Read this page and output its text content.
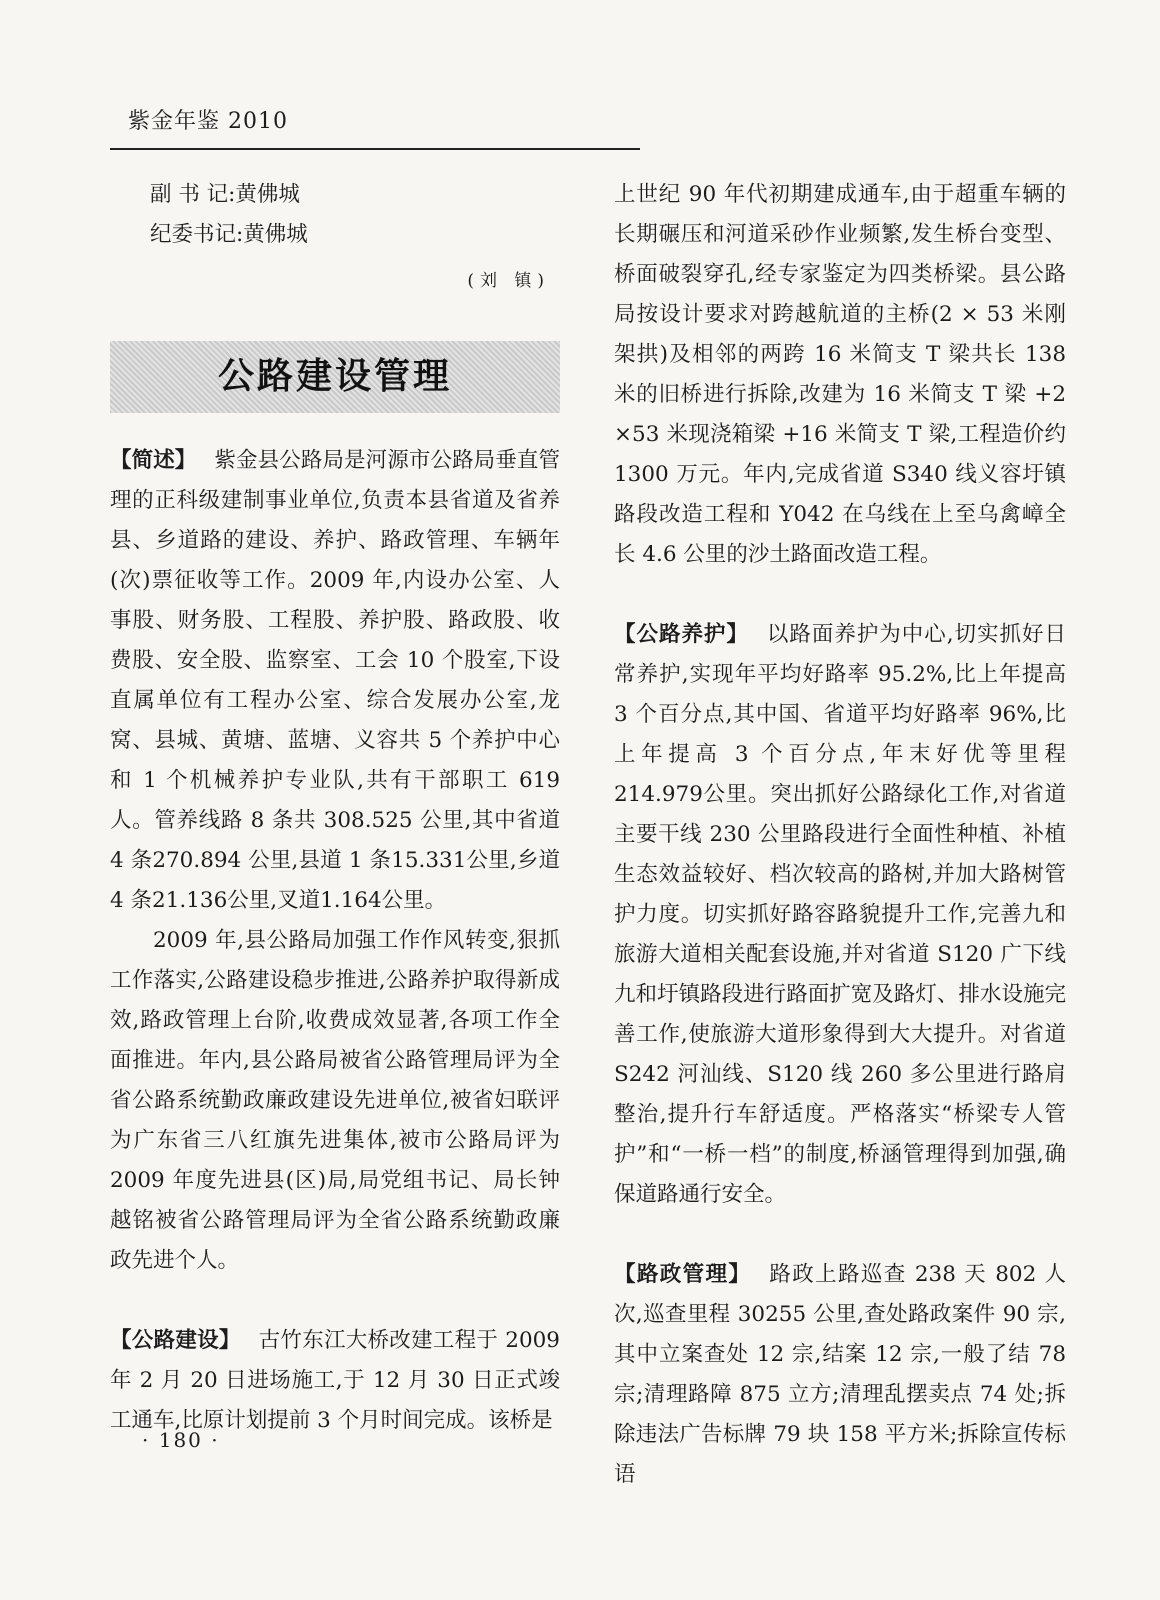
紫金年鉴 2010

副 书 记:黄佛城

纪委书记:黄佛城

(刘 镇)

公路建设管理

【简述】 紫金县公路局是河源市公路局垂直管理的正科级建制事业单位,负责本县省道及省养县、乡道路的建设、养护、路政管理、车辆年(次)票征收等工作。2009 年,内设办公室、人事股、财务股、工程股、养护股、路政股、收费股、安全股、监察室、工会 10 个股室,下设直属单位有工程办公室、综合发展办公室,龙窝、县城、黄塘、蓝塘、义容共 5 个养护中心和 1 个机械养护专业队,共有干部职工 619 人。管养线路 8 条共 308.525 公里,其中省道 4 条270.894 公里,县道 1 条15.331公里,乡道 4 条21.136公里,叉道1.164公里。

2009 年,县公路局加强工作作风转变,狠抓工作落实,公路建设稳步推进,公路养护取得新成效,路政管理上台阶,收费成效显著,各项工作全面推进。年内,县公路局被省公路管理局评为全省公路系统勤政廉政建设先进单位,被省妇联评为广东省三八红旗先进集体,被市公路局评为 2009 年度先进县(区)局,局党组书记、局长钟越铭被省公路管理局评为全省公路系统勤政廉政先进个人。

【公路建设】 古竹东江大桥改建工程于 2009 年 2 月 20 日进场施工,于 12 月 30 日正式竣工通车,比原计划提前 3 个月时间完成。该桥是

上世纪 90 年代初期建成通车,由于超重车辆的长期碾压和河道采砂作业频繁,发生桥台变型、桥面破裂穿孔,经专家鉴定为四类桥梁。县公路局按设计要求对跨越航道的主桥(2 × 53 米刚架拱)及相邻的两跨 16 米简支 T 梁共长 138 米的旧桥进行拆除,改建为 16 米简支 T 梁 +2 ×53 米现浇箱梁 +16 米简支 T 梁,工程造价约 1300 万元。年内,完成省道 S340 线义容圩镇路段改造工程和 Y042 在乌线在上至乌禽嶂全长 4.6 公里的沙土路面改造工程。

【公路养护】 以路面养护为中心,切实抓好日常养护,实现年平均好路率 95.2%,比上年提高 3 个百分点,其中国、省道平均好路率 96%,比上年提高 3 个百分点,年末好优等里程 214.979公里。突出抓好公路绿化工作,对省道主要干线 230 公里路段进行全面性种植、补植生态效益较好、档次较高的路树,并加大路树管护力度。切实抓好路容路貌提升工作,完善九和旅游大道相关配套设施,并对省道 S120 广下线九和圩镇路段进行路面扩宽及路灯、排水设施完善工作,使旅游大道形象得到大大提升。对省道 S242 河汕线、S120 线 260 多公里进行路肩整治,提升行车舒适度。严格落实“桥梁专人管护”和“一桥一档”的制度,桥涵管理得到加强,确保道路通行安全。

【路政管理】 路政上路巡查 238 天 802 人次,巡查里程 30255 公里,查处路政案件 90 宗,其中立案查处 12 宗,结案 12 宗,一般了结 78 宗;清理路障 875 立方;清理乱摆卖点 74 处;拆除违法广告标牌 79 块 158 平方米;拆除宣传标语

· 180 ·
